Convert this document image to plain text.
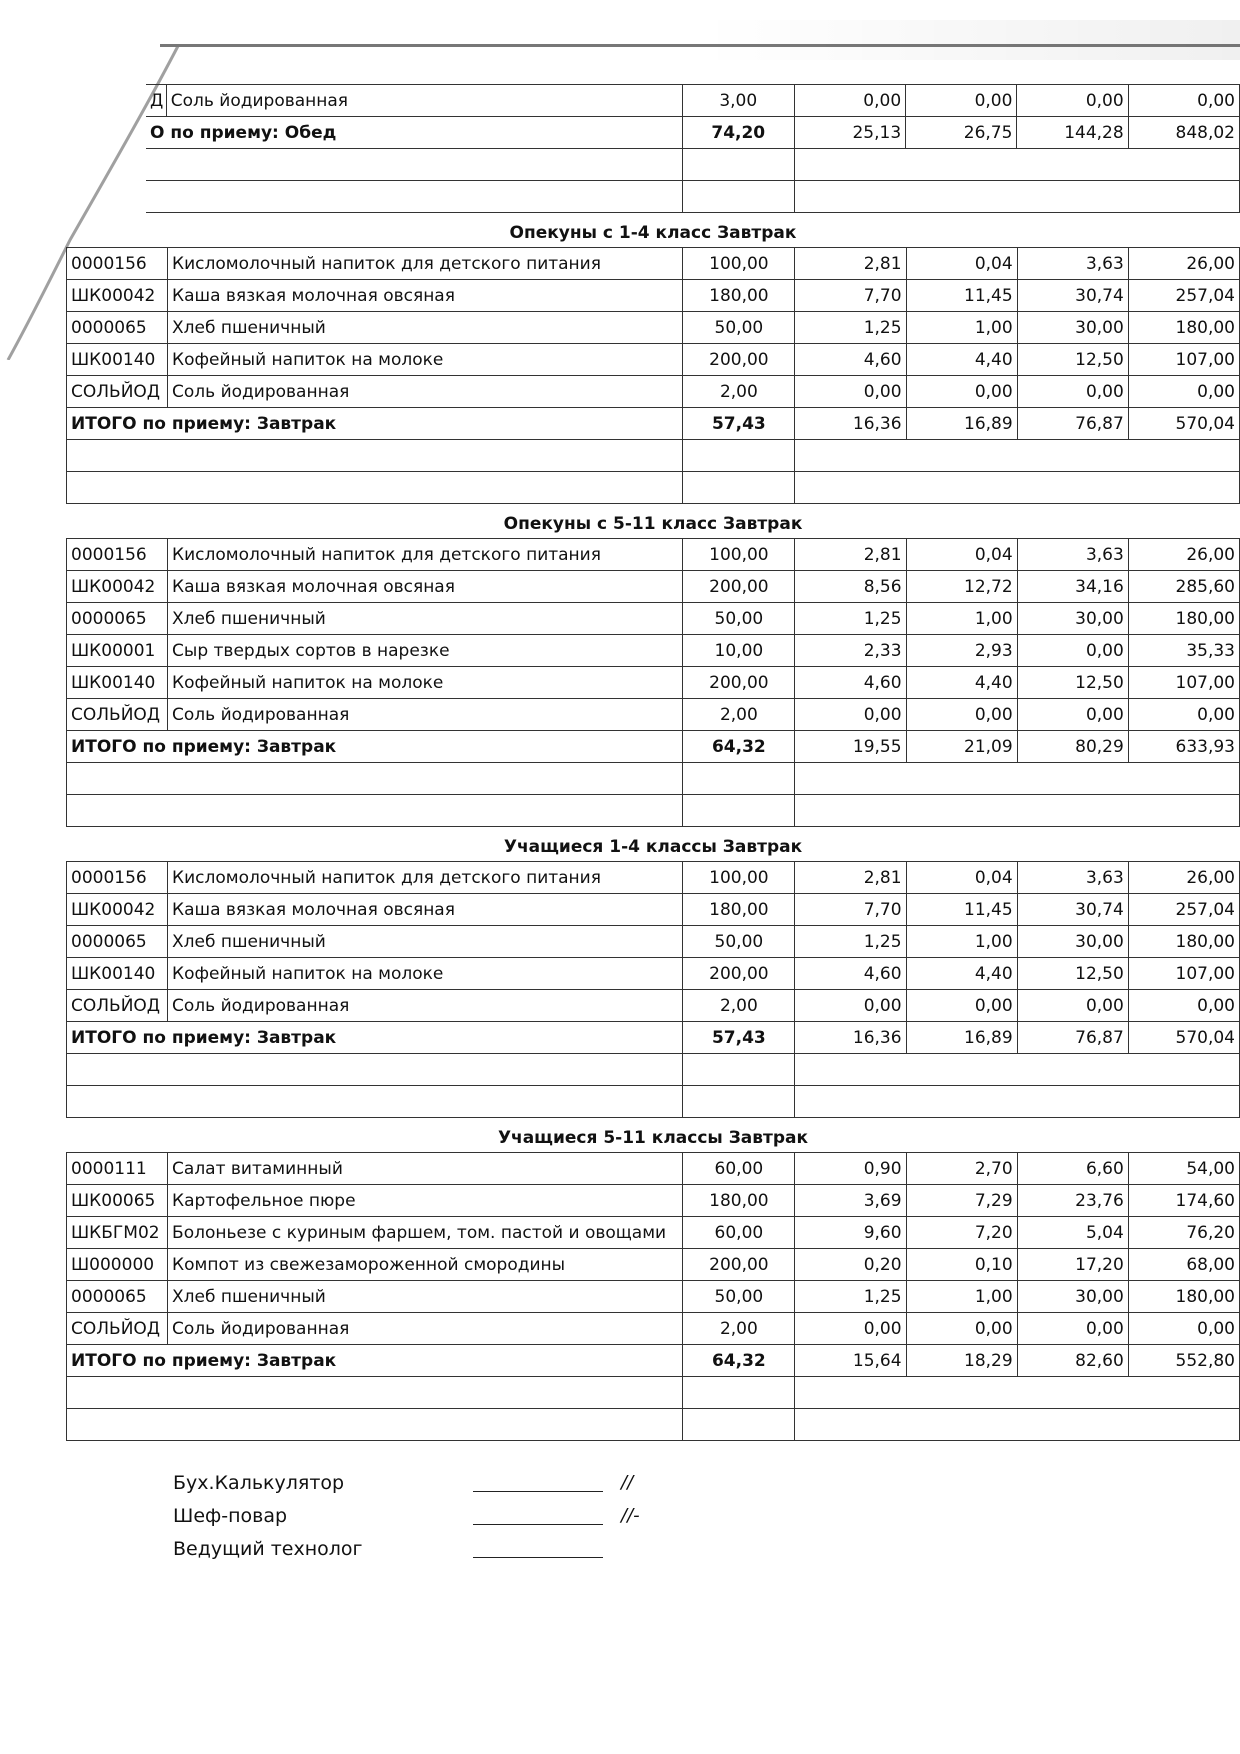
Д	Соль йодированная	3,00	0,00	0,00	0,00	0,00
О по приему: Обед		74,20	25,13	26,75	144,28	848,02

Опекуны с 1-4 класс Завтрак
0000156	Кисломолочный напиток для детского питания	100,00	2,81	0,04	3,63	26,00
ШК00042	Каша вязкая молочная овсяная	180,00	7,70	11,45	30,74	257,04
0000065	Хлеб пшеничный	50,00	1,25	1,00	30,00	180,00
ШК00140	Кофейный напиток на молоке	200,00	4,60	4,40	12,50	107,00
СОЛЬЙОД	Соль йодированная	2,00	0,00	0,00	0,00	0,00
ИТОГО по приему: Завтрак		57,43	16,36	16,89	76,87	570,04

Опекуны с 5-11 класс Завтрак
0000156	Кисломолочный напиток для детского питания	100,00	2,81	0,04	3,63	26,00
ШК00042	Каша вязкая молочная овсяная	200,00	8,56	12,72	34,16	285,60
0000065	Хлеб пшеничный	50,00	1,25	1,00	30,00	180,00
ШК00001	Сыр твердых сортов в нарезке	10,00	2,33	2,93	0,00	35,33
ШК00140	Кофейный напиток на молоке	200,00	4,60	4,40	12,50	107,00
СОЛЬЙОД	Соль йодированная	2,00	0,00	0,00	0,00	0,00
ИТОГО по приему: Завтрак		64,32	19,55	21,09	80,29	633,93

Учащиеся 1-4 классы Завтрак
0000156	Кисломолочный напиток для детского питания	100,00	2,81	0,04	3,63	26,00
ШК00042	Каша вязкая молочная овсяная	180,00	7,70	11,45	30,74	257,04
0000065	Хлеб пшеничный	50,00	1,25	1,00	30,00	180,00
ШК00140	Кофейный напиток на молоке	200,00	4,60	4,40	12,50	107,00
СОЛЬЙОД	Соль йодированная	2,00	0,00	0,00	0,00	0,00
ИТОГО по приему: Завтрак		57,43	16,36	16,89	76,87	570,04

Учащиеся 5-11 классы Завтрак
0000111	Салат витаминный	60,00	0,90	2,70	6,60	54,00
ШК00065	Картофельное пюре	180,00	3,69	7,29	23,76	174,60
ШКБГМ02	Болоньезе с куриным фаршем, том. пастой и овощами	60,00	9,60	7,20	5,04	76,20
Ш000000	Компот из свежезамороженной смородины	200,00	0,20	0,10	17,20	68,00
0000065	Хлеб пшеничный	50,00	1,25	1,00	30,00	180,00
СОЛЬЙОД	Соль йодированная	2,00	0,00	0,00	0,00	0,00
ИТОГО по приему: Завтрак		64,32	15,64	18,29	82,60	552,80

Бух.Калькулятор	//
Шеф-повар	//-
Ведущий технолог
